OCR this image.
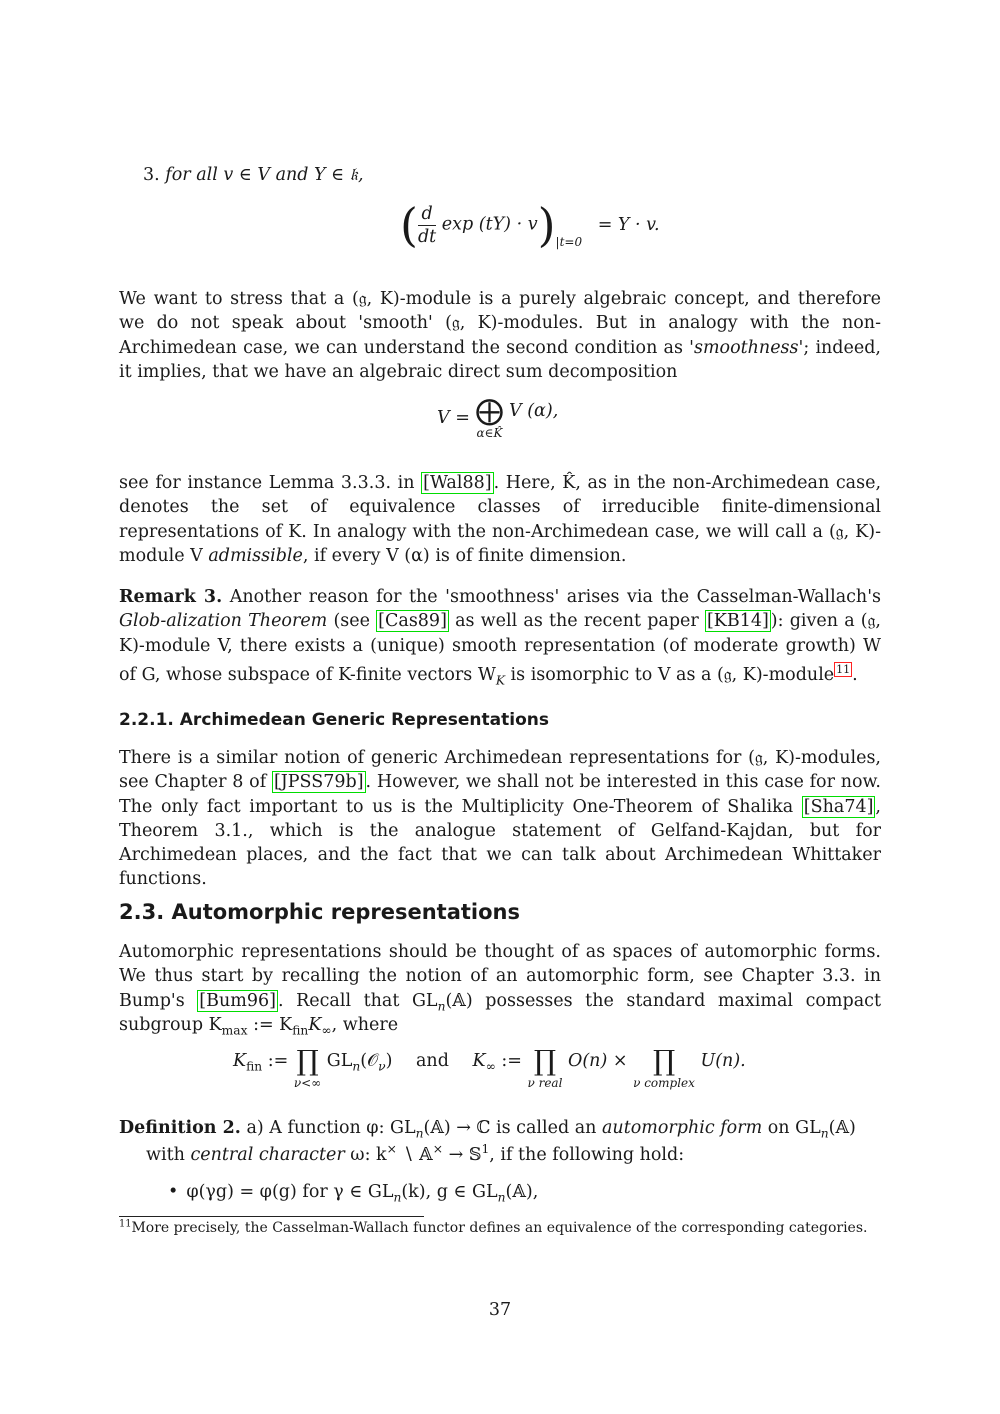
3. for all v ∈ V and Y ∈ 𝔨,
( $\frac{d}{dt}$ $\exp (tY) \cdot v)_{|t=0} = Y \cdot v$.
We want to stress that a (𝔤, K)-module is a purely algebraic concept, and therefore we do not speak about 'smooth' (𝔤, K)-modules. But in analogy with the non-Archimedean case, we can understand the second condition as 'smoothness'; indeed, it implies, that we have an algebraic direct sum decomposition
V = ⨁
α∈K̂
V (α),
see for instance Lemma 3.3.3. in [Wal88] . Here, K̂, as in the non-Archimedean case, denotes the set of equivalence classes of irreducible finite-dimensional representations of K. In analogy with the non-Archimedean case, we will call a (𝔤, K)-module V admissible, if every V (α) is of finite dimension.
Remark 3. Another reason for the 'smoothness' arises via the Casselman-Wallach's Glob-alization Theorem (see [Cas89] as well as the recent paper [KB14] ): given a (𝔤, K)-module V, there exists a (unique) smooth representation (of moderate growth) W of G, whose subspace of K-finite vectors $W_K$ is isomorphic to V as a (𝔤, K)-module $^{11}$ .
2.2.1. Archimedean Generic Representations
There is a similar notion of generic Archimedean representations for (𝔤, K)-modules, see Chapter 8 of [JPSS79b] . However, we shall not be interested in this case for now. The only fact important to us is the Multiplicity One-Theorem of Shalika [Sha74] , Theorem 3.1., which is the analogue statement of Gelfand-Kajdan, but for Archimedean places, and the fact that we can talk about Archimedean Whittaker functions.
2.3. Automorphic representations
Automorphic representations should be thought of as spaces of automorphic forms. We thus start by recalling the notion of an automorphic form, see Chapter 3.3. in Bump's [Bum96] . Recall that $GL_n(𝔸)$ possesses the standard maximal compact subgroup $K_{max}$ := $K_{fin}K_\infty$, where
$K_{fin}$ := ∏
ν<∞
$GL_n(𝒪_\nu)$ and $K_\infty$ := ∏
ν real
O(n) × ∏
ν complex
U(n).
Definition 2. a) A function φ: $GL_n(𝔸)$ → ℂ is called an automorphic form on $GL_n(𝔸)$
with central character ω: k× ∖ 𝔸× → 𝕊$^1$, if the following hold:
• φ(γg) = φ(g) for γ ∈ $GL_n(k)$, g ∈ $GL_n(𝔸)$,
$^{11}$More precisely, the Casselman-Wallach functor defines an equivalence of the corresponding categories.
37
